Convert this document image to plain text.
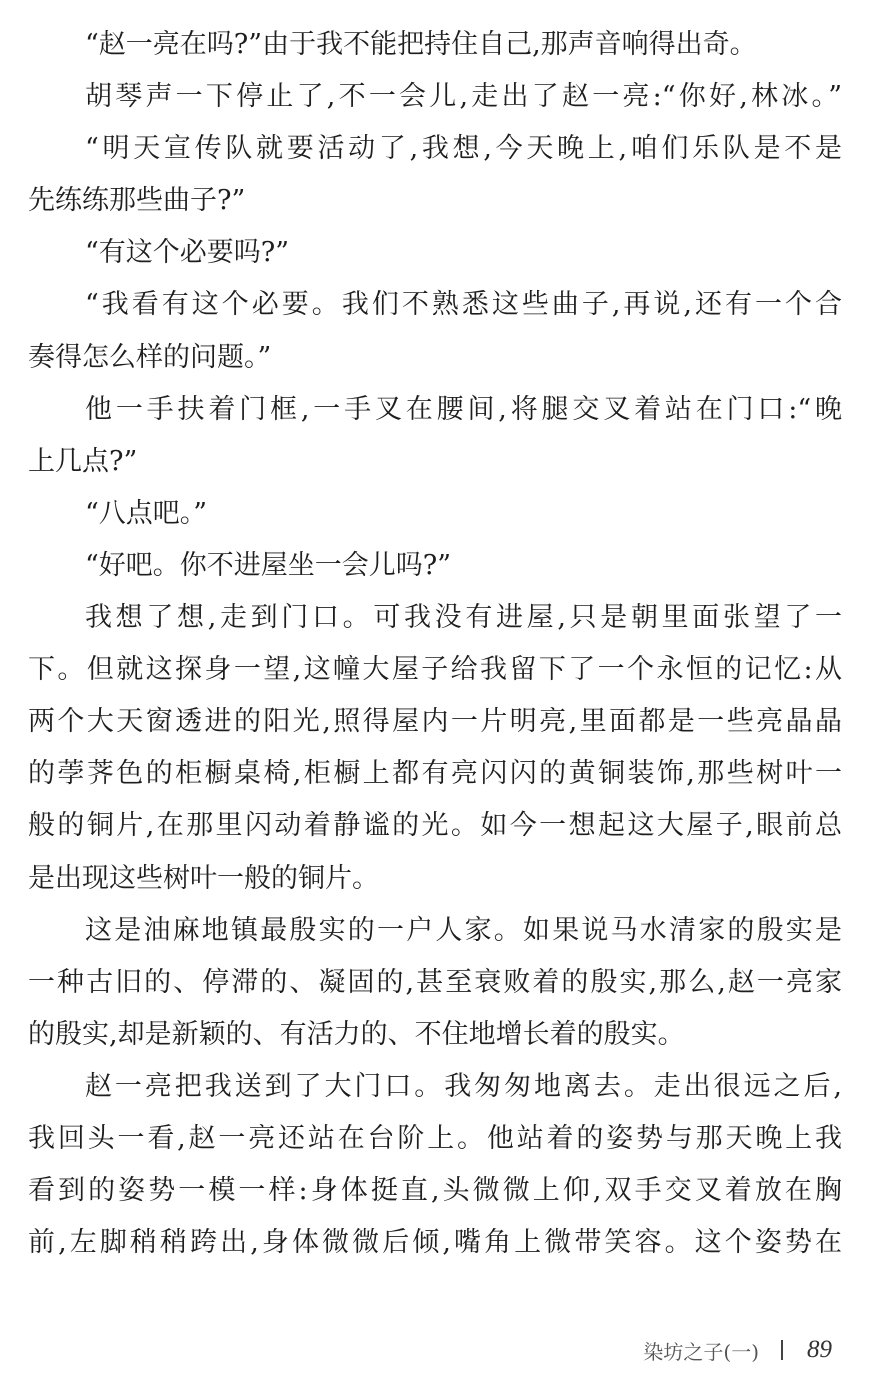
“赵一亮在吗?”由于我不能把持住自己,那声音响得出奇。
胡琴声一下停止了,不一会儿,走出了赵一亮:“你好,林冰。”
“明天宣传队就要活动了,我想,今天晚上,咱们乐队是不是
先练练那些曲子?”
“有这个必要吗?”
“我看有这个必要。我们不熟悉这些曲子,再说,还有一个合
奏得怎么样的问题。”
他一手扶着门框,一手叉在腰间,将腿交叉着站在门口:“晚
上几点?”
“八点吧。”
“好吧。你不进屋坐一会儿吗?”
我想了想,走到门口。可我没有进屋,只是朝里面张望了一
下。但就这探身一望,这幢大屋子给我留下了一个永恒的记忆:从
两个大天窗透进的阳光,照得屋内一片明亮,里面都是一些亮晶晶
的荸荠色的柜橱桌椅,柜橱上都有亮闪闪的黄铜装饰,那些树叶一
般的铜片,在那里闪动着静谧的光。如今一想起这大屋子,眼前总
是出现这些树叶一般的铜片。
这是油麻地镇最殷实的一户人家。如果说马水清家的殷实是
一种古旧的、停滞的、凝固的,甚至衰败着的殷实,那么,赵一亮家
的殷实,却是新颖的、有活力的、不住地增长着的殷实。
赵一亮把我送到了大门口。我匆匆地离去。走出很远之后,
我回头一看,赵一亮还站在台阶上。他站着的姿势与那天晚上我
看到的姿势一模一样:身体挺直,头微微上仰,双手交叉着放在胸
前,左脚稍稍跨出,身体微微后倾,嘴角上微带笑容。这个姿势在
染坊之子(一) 89
